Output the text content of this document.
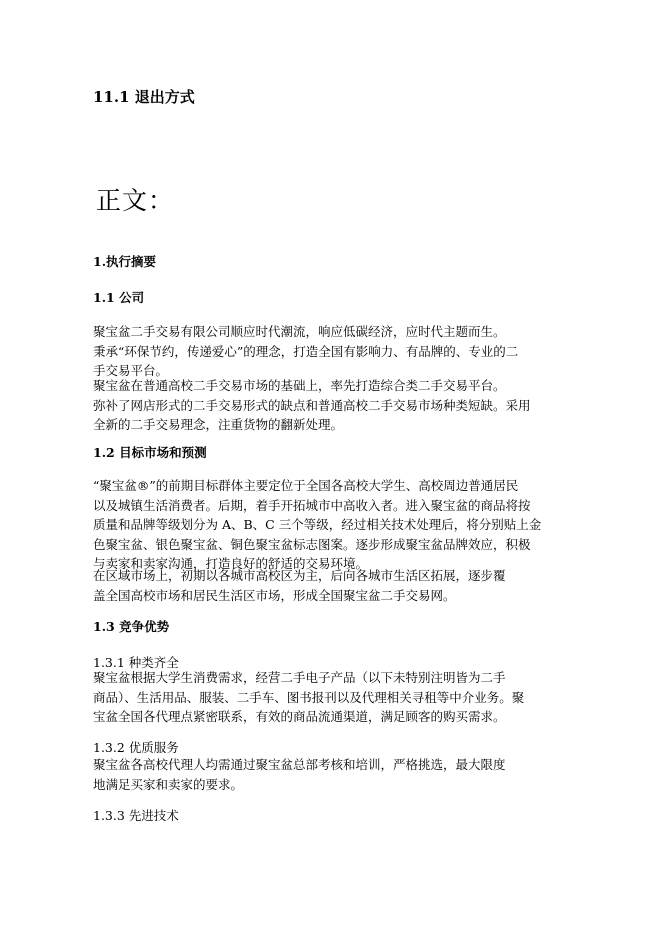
11.1 退出方式
正文：
1.执行摘要
1.1 公司
聚宝盆二手交易有限公司顺应时代潮流，响应低碳经济，应时代主题而生。
秉承“环保节约，传递爱心”的理念，打造全国有影响力、有品牌的、专业的二
手交易平台。
聚宝盆在普通高校二手交易市场的基础上，率先打造综合类二手交易平台。
弥补了网店形式的二手交易形式的缺点和普通高校二手交易市场种类短缺。采用
全新的二手交易理念，注重货物的翻新处理。
1.2 目标市场和预测
“聚宝盆®”的前期目标群体主要定位于全国各高校大学生、高校周边普通居民
以及城镇生活消费者。后期，着手开拓城市中高收入者。进入聚宝盆的商品将按
质量和品牌等级划分为 A、B、C 三个等级，经过相关技术处理后，将分别贴上金
色聚宝盆、银色聚宝盆、铜色聚宝盆标志图案。逐步形成聚宝盆品牌效应，积极
与卖家和卖家沟通，打造良好的舒适的交易环境。
在区域市场上，初期以各城市高校区为主，后向各城市生活区拓展，逐步覆
盖全国高校市场和居民生活区市场，形成全国聚宝盆二手交易网。
1.3 竞争优势
1.3.1 种类齐全
聚宝盆根据大学生消费需求，经营二手电子产品（以下未特别注明皆为二手
商品）、生活用品、服装、二手车、图书报刊以及代理相关寻租等中介业务。聚
宝盆全国各代理点紧密联系，有效的商品流通渠道，满足顾客的购买需求。
1.3.2 优质服务
聚宝盆各高校代理人均需通过聚宝盆总部考核和培训，严格挑选，最大限度
地满足买家和卖家的要求。
1.3.3 先进技术
